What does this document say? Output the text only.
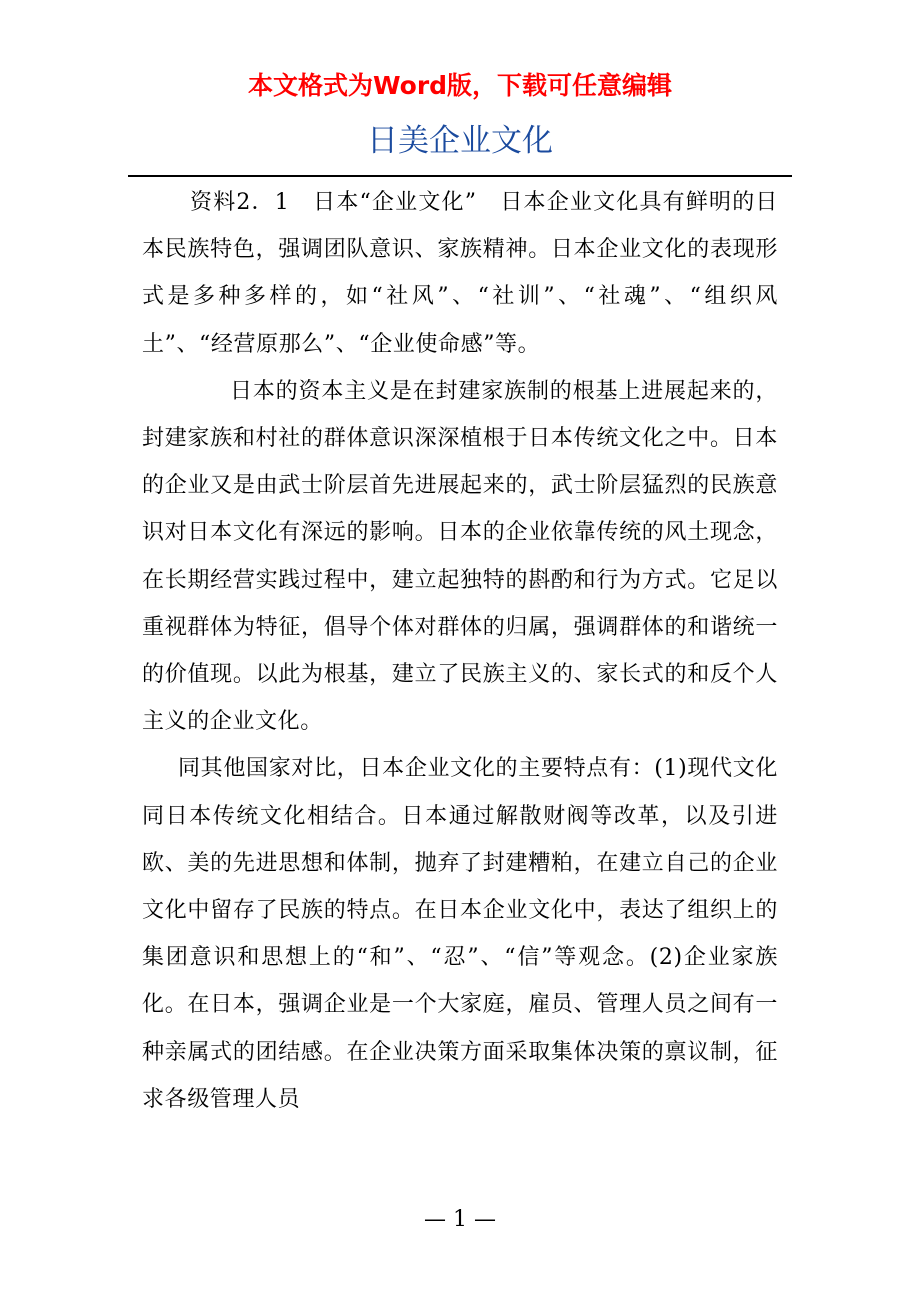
本文格式为Word版，下载可任意编辑
日美企业文化

资料2．1　日本“企业文化”　日本企业文化具有鲜明的日本民族特色，强调团队意识、家族精神。日本企业文化的表现形式是多种多样的，如“社风”、“社训”、“社魂”、“组织风土”、“经营原那么”、“企业使命感”等。

日本的资本主义是在封建家族制的根基上进展起来的，封建家族和村社的群体意识深深植根于日本传统文化之中。日本的企业又是由武士阶层首先进展起来的，武士阶层猛烈的民族意识对日本文化有深远的影响。日本的企业依靠传统的风土现念，在长期经营实践过程中，建立起独特的斟酌和行为方式。它足以重视群体为特征，倡导个体对群体的归属，强调群体的和谐统一的价值现。以此为根基，建立了民族主义的、家长式的和反个人主义的企业文化。

同其他国家对比，日本企业文化的主要特点有：(1)现代文化同日本传统文化相结合。日本通过解散财阀等改革，以及引进欧、美的先进思想和体制，抛弃了封建糟粕，在建立自己的企业文化中留存了民族的特点。在日本企业文化中，表达了组织上的集团意识和思想上的“和”、“忍”、“信”等观念。(2)企业家族化。在日本，强调企业是一个大家庭，雇员、管理人员之间有一种亲属式的团结感。在企业决策方面采取集体决策的禀议制，征求各级管理人员

— 1 —
